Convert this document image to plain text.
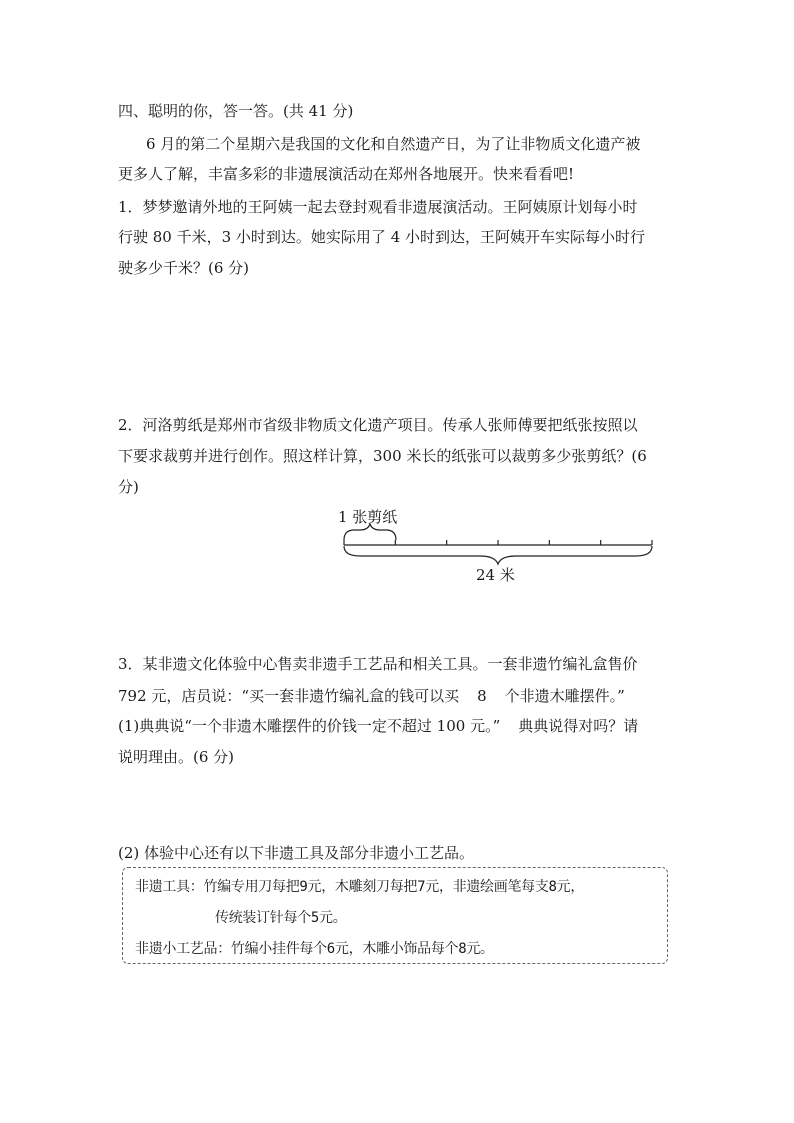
四、聪明的你，答一答。(共 41 分)
6 月的第二个星期六是我国的文化和自然遗产日，为了让非物质文化遗产被
更多人了解，丰富多彩的非遗展演活动在郑州各地展开。快来看看吧!
1．梦梦邀请外地的王阿姨一起去登封观看非遗展演活动。王阿姨原计划每小时
行驶 80 千米，3 小时到达。她实际用了 4 小时到达，王阿姨开车实际每小时行
驶多少千米？(6 分)
2．河洛剪纸是郑州市省级非物质文化遗产项目。传承人张师傅要把纸张按照以
下要求裁剪并进行创作。照这样计算，300 米长的纸张可以裁剪多少张剪纸？(6
分)
1 张剪纸
24 米
3．某非遗文化体验中心售卖非遗手工艺品和相关工具。一套非遗竹编礼盒售价
792 元，店员说：“买一套非遗竹编礼盒的钱可以买 8 个非遗木雕摆件。”
(1)典典说“一个非遗木雕摆件的价钱一定不超过 100 元。” 典典说得对吗？请
说明理由。(6 分)
(2) 体验中心还有以下非遗工具及部分非遗小工艺品。
非遗工具：竹编专用刀每把9元，木雕刻刀每把7元，非遗绘画笔每支8元，
传统装订针每个5元。
非遗小工艺品：竹编小挂件每个6元，木雕小饰品每个8元。
